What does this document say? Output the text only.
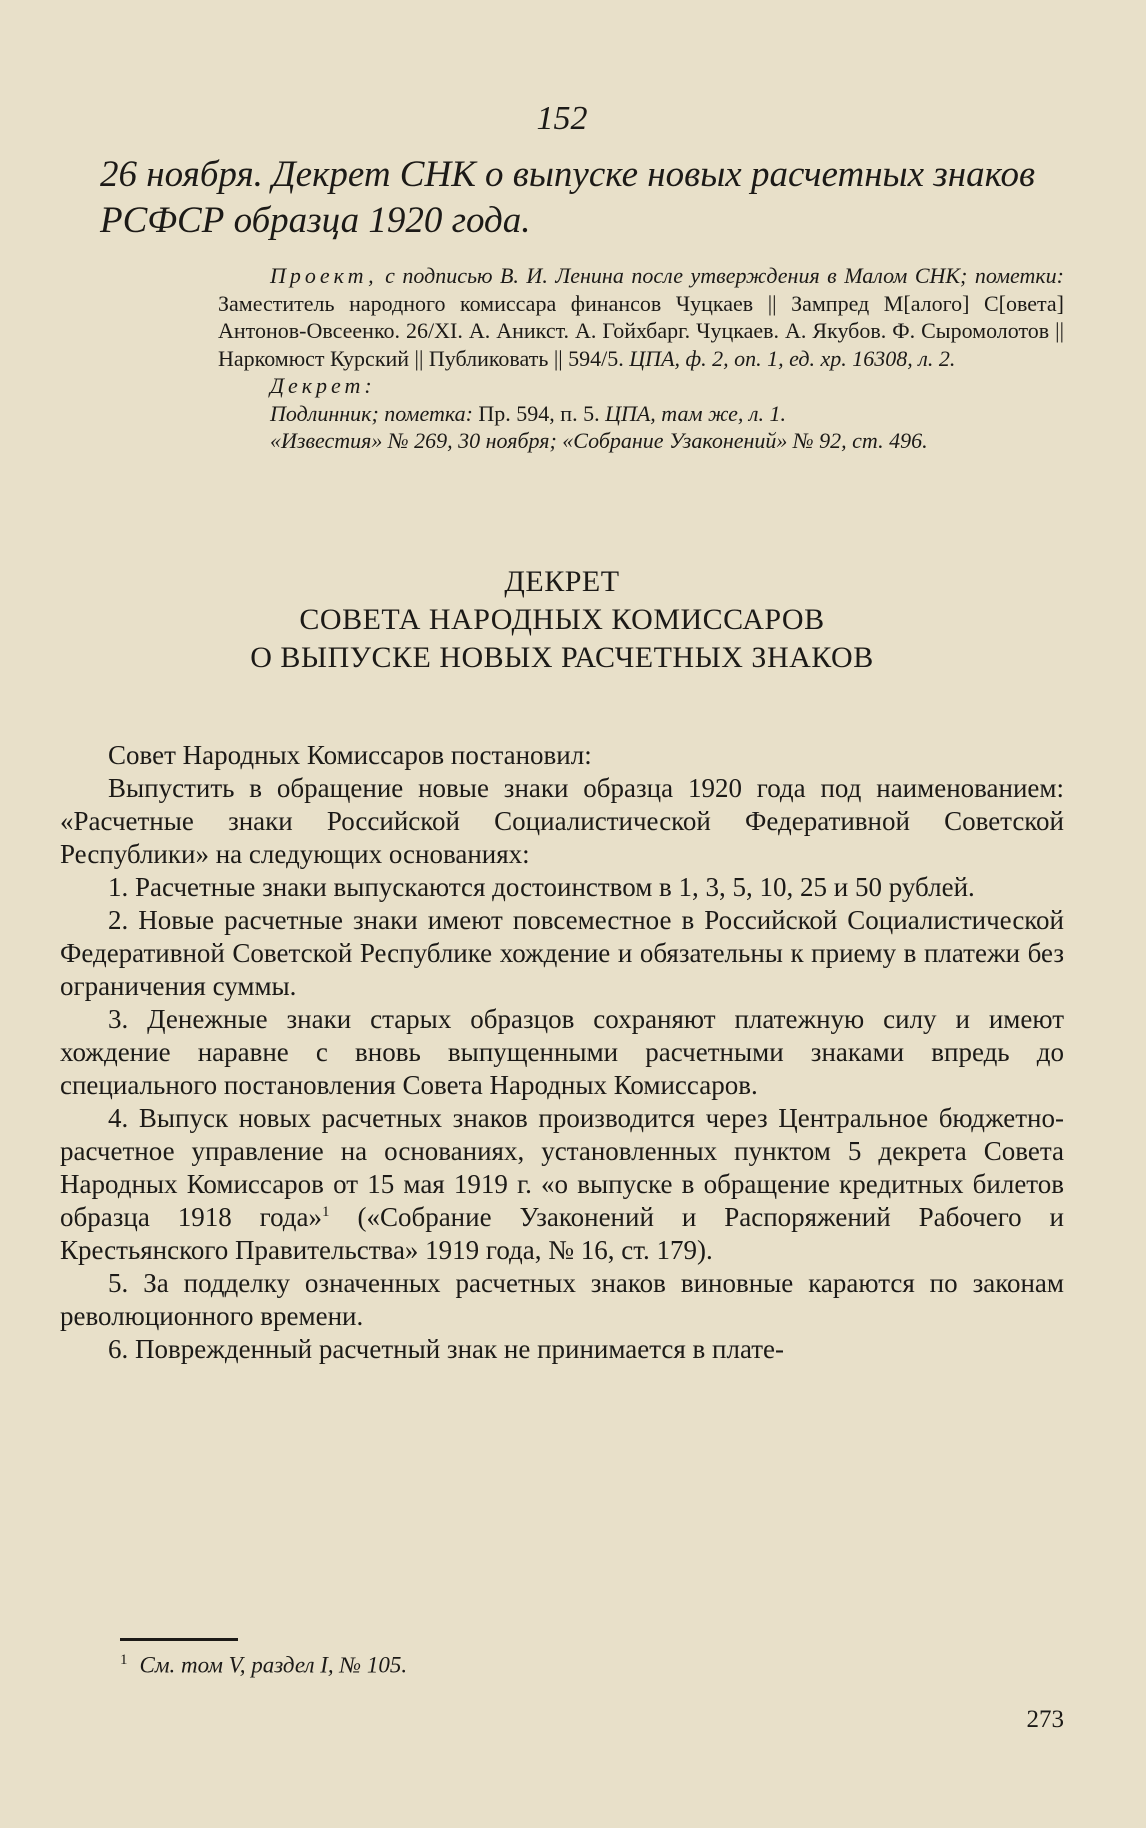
152
26 ноября. Декрет СНК о выпуске новых расчетных знаков РСФСР образца 1920 года.

Проект, с подписью В. И. Ленина после утверждения в Малом СНК; пометки: Заместитель народного комиссара финансов Чуцкаев || Зампред М[алого] С[овета] Антонов-Овсеенко. 26/XI. А. Аникст. А. Гойхбарг. Чуцкаев. А. Якубов. Ф. Сыромолотов || Наркомюст Курский || Публиковать || 594/5. ЦПА, ф. 2, оп. 1, ед. хр. 16308, л. 2.

Декрет:

Подлинник; пометка: Пр. 594, п. 5. ЦПА, там же, л. 1.

«Известия» № 269, 30 ноября; «Собрание Узаконений» № 92, ст. 496.

ДЕКРЕТ
СОВЕТА НАРОДНЫХ КОМИССАРОВ
О ВЫПУСКЕ НОВЫХ РАСЧЕТНЫХ ЗНАКОВ

Совет Народных Комиссаров постановил:

Выпустить в обращение новые знаки образца 1920 года под наименованием: «Расчетные знаки Российской Социалистической Федеративной Советской Республики» на следующих основаниях:

1. Расчетные знаки выпускаются достоинством в 1, 3, 5, 10, 25 и 50 рублей.

2. Новые расчетные знаки имеют повсеместное в Российской Социалистической Федеративной Советской Республике хождение и обязательны к приему в платежи без ограничения суммы.

3. Денежные знаки старых образцов сохраняют платежную силу и имеют хождение наравне с вновь выпущенными расчетными знаками впредь до специального постановления Совета Народных Комиссаров.

4. Выпуск новых расчетных знаков производится через Центральное бюджетно-расчетное управление на основаниях, установленных пунктом 5 декрета Совета Народных Комиссаров от 15 мая 1919 г. «о выпуске в обращение кредитных билетов образца 1918 года»$^1$ («Собрание Узаконений и Распоряжений Рабочего и Крестьянского Правительства» 1919 года, № 16, ст. 179).

5. За подделку означенных расчетных знаков виновные караются по законам революционного времени.

6. Поврежденный расчетный знак не принимается в плате-

$^1$ См. том V, раздел I, № 105.
273
